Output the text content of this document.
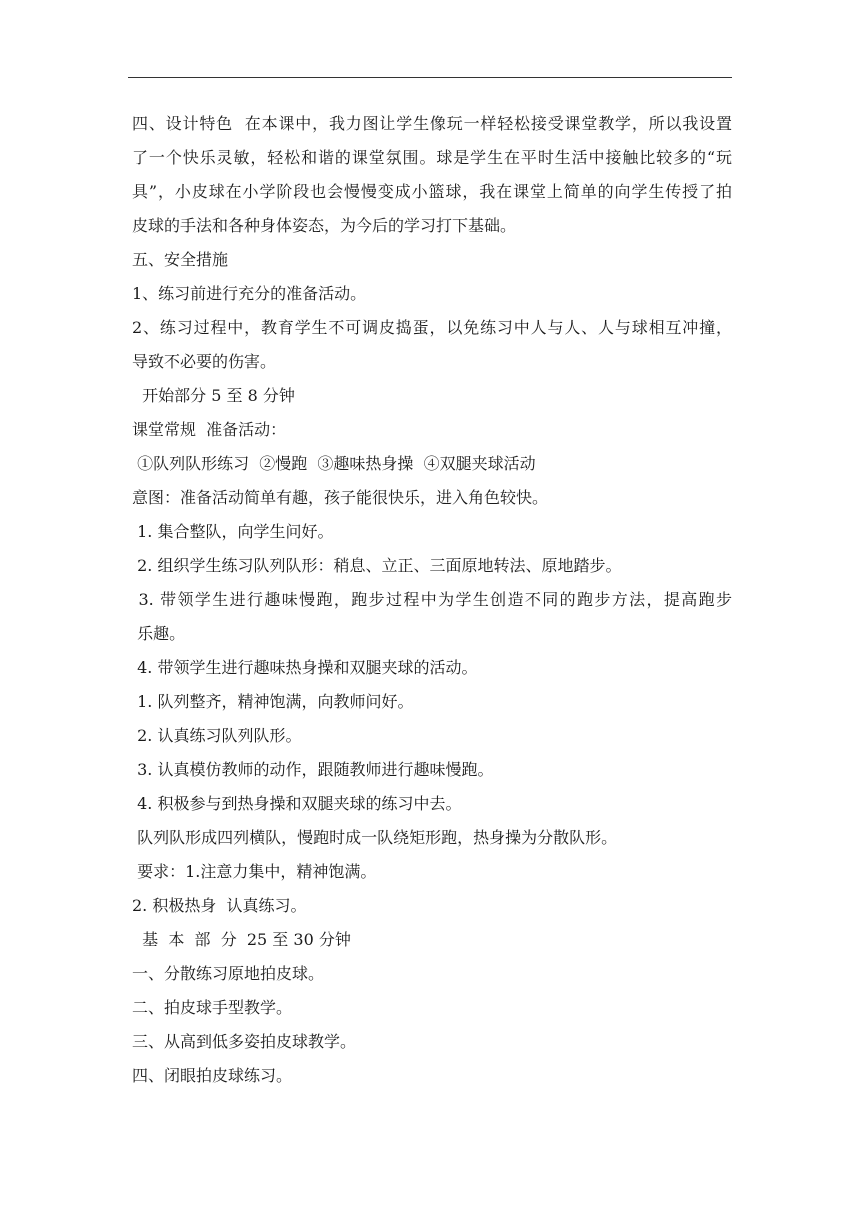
四、设计特色  在本课中，我力图让学生像玩一样轻松接受课堂教学，所以我设置
了一个快乐灵敏，轻松和谐的课堂氛围。球是学生在平时生活中接触比较多的“玩
具”，小皮球在小学阶段也会慢慢变成小篮球，我在课堂上简单的向学生传授了拍
皮球的手法和各种身体姿态，为今后的学习打下基础。
五、安全措施
1、练习前进行充分的准备活动。
2、练习过程中，教育学生不可调皮捣蛋，以免练习中人与人、人与球相互冲撞，
导致不必要的伤害。
开始部分 5 至 8 分钟
课堂常规  准备活动：
①队列队形练习  ②慢跑  ③趣味热身操  ④双腿夹球活动
意图：准备活动简单有趣，孩子能很快乐，进入角色较快。
1. 集合整队，向学生问好。
2. 组织学生练习队列队形：稍息、立正、三面原地转法、原地踏步。
3. 带领学生进行趣味慢跑，跑步过程中为学生创造不同的跑步方法，提高跑步
乐趣。
4. 带领学生进行趣味热身操和双腿夹球的活动。
1. 队列整齐，精神饱满，向教师问好。
2. 认真练习队列队形。
3. 认真模仿教师的动作，跟随教师进行趣味慢跑。
4. 积极参与到热身操和双腿夹球的练习中去。
队列队形成四列横队，慢跑时成一队绕矩形跑，热身操为分散队形。
要求：1.注意力集中，精神饱满。
2. 积极热身  认真练习。
基  本  部  分  25 至 30 分钟
一、分散练习原地拍皮球。
二、拍皮球手型教学。
三、从高到低多姿拍皮球教学。
四、闭眼拍皮球练习。
